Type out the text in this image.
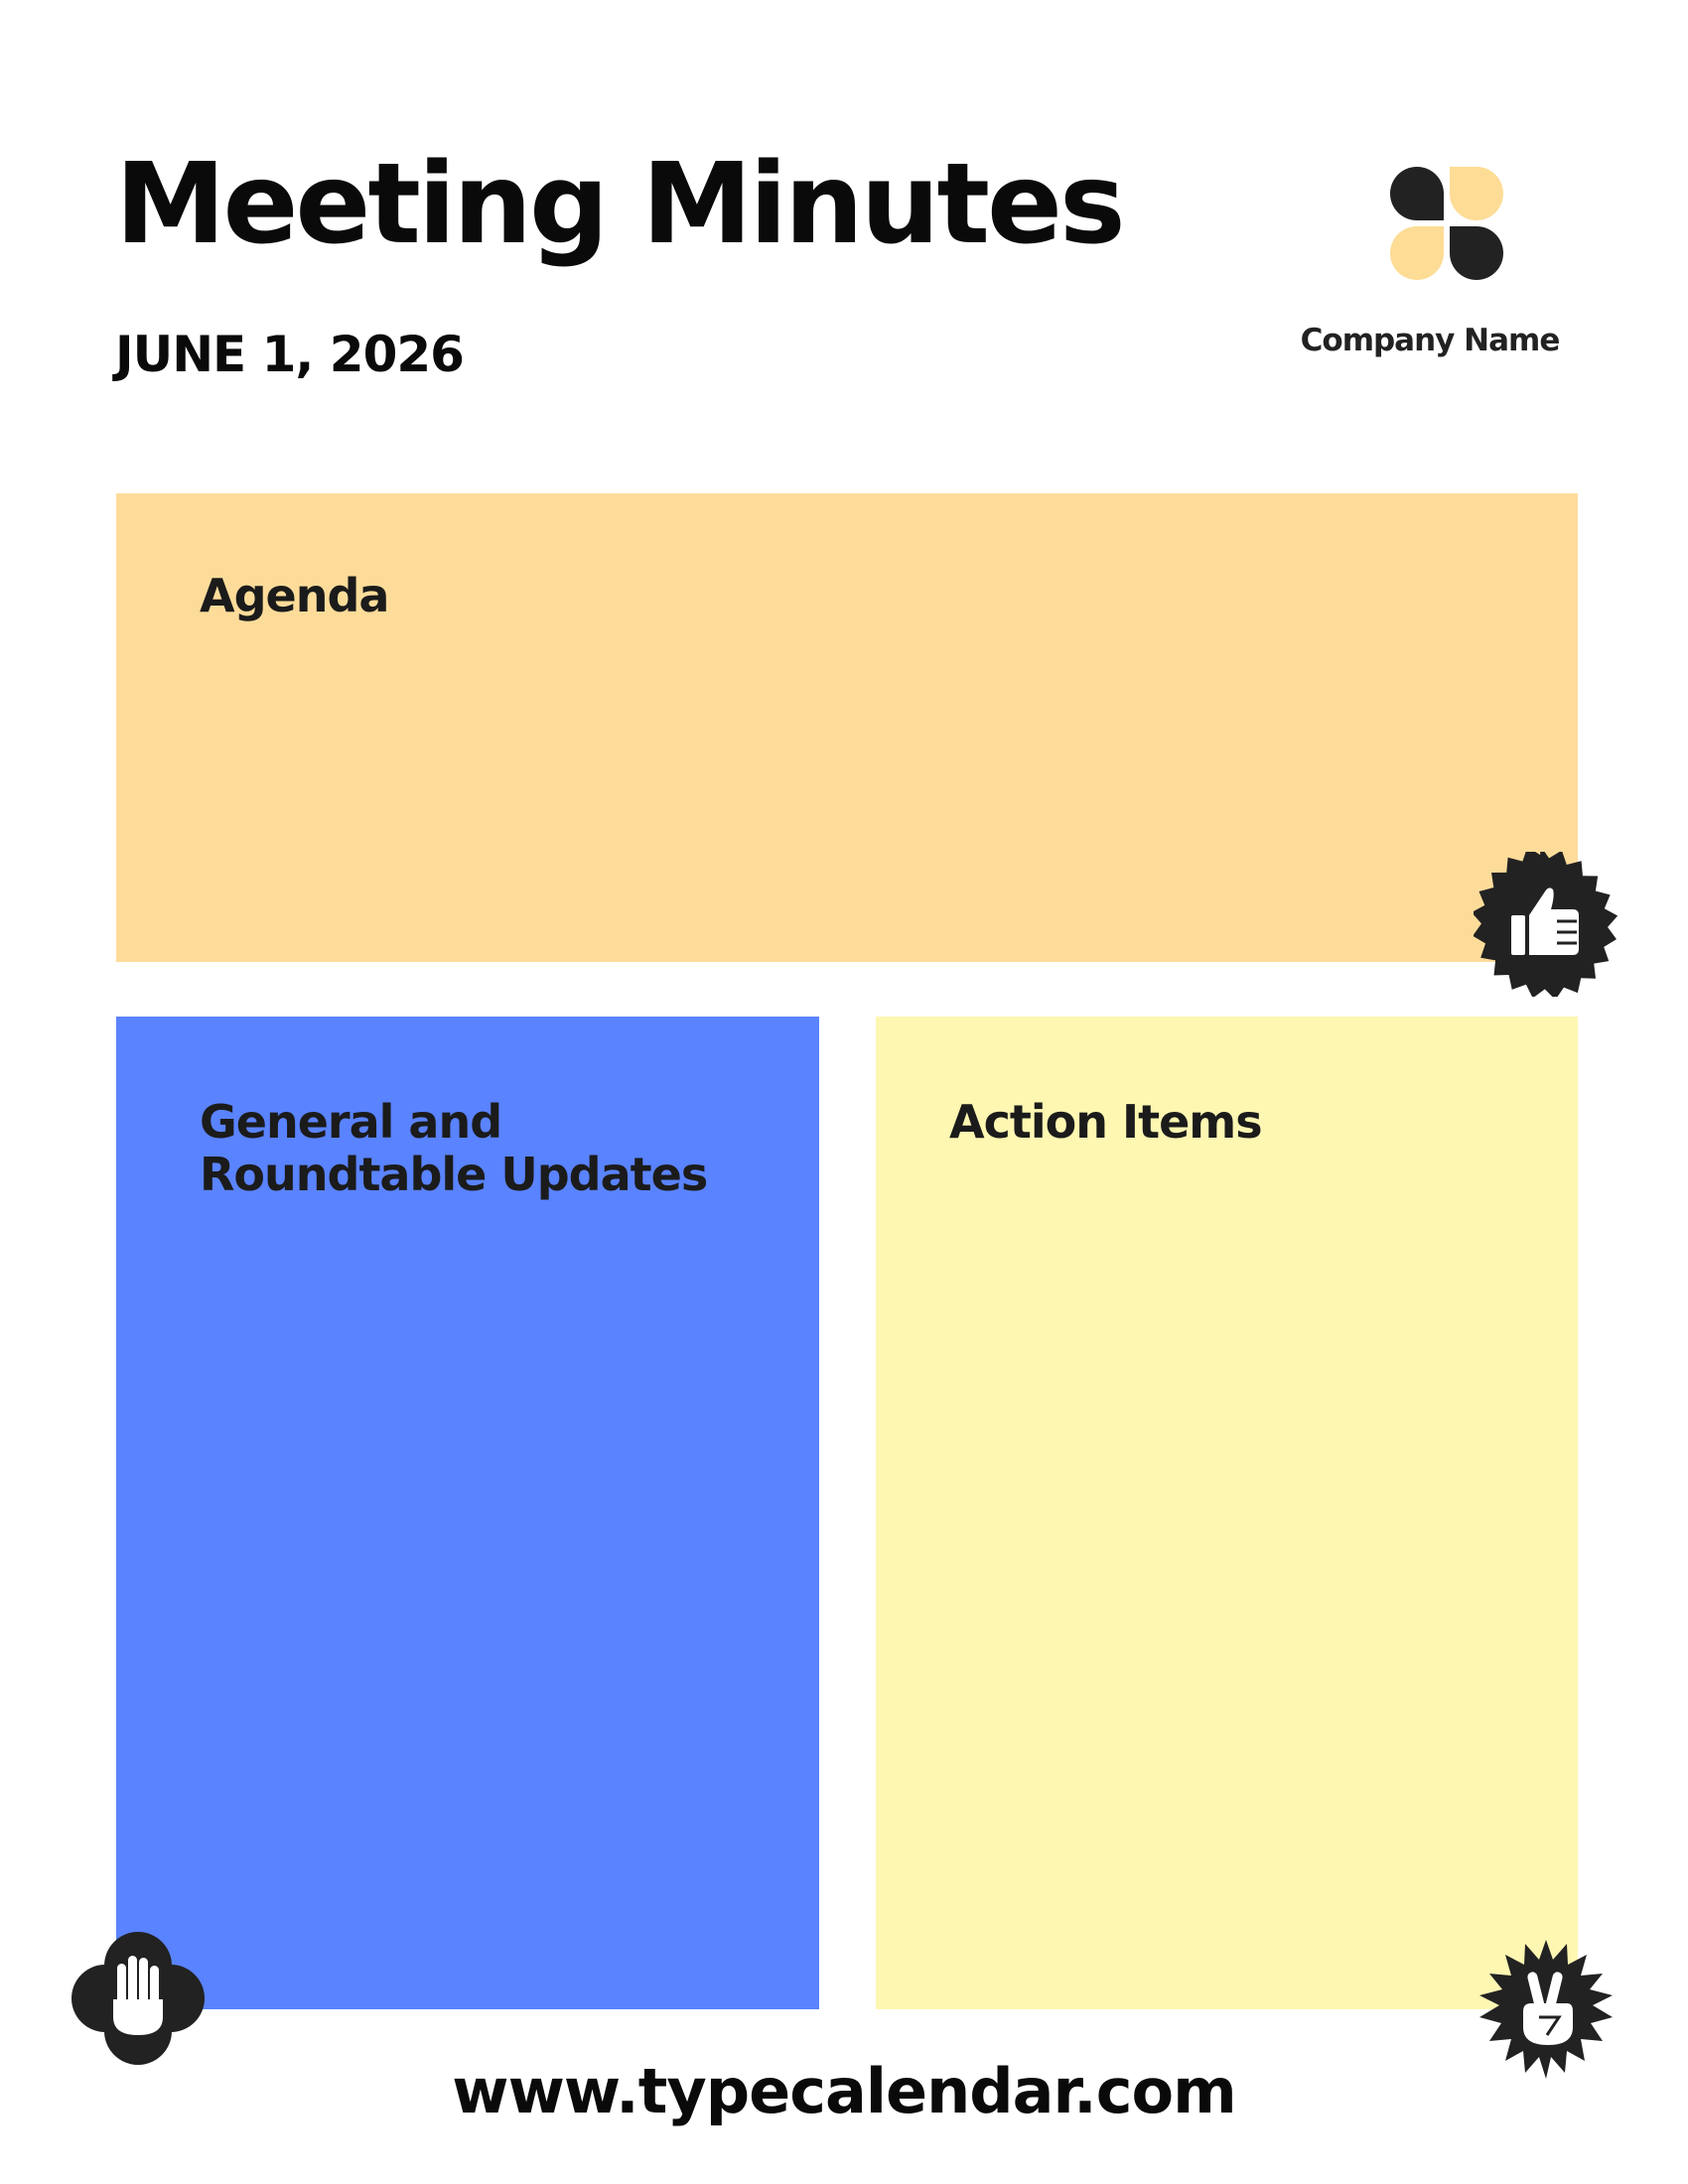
Meeting Minutes
JUNE 1, 2026	Company Name
Agenda
General and Roundtable Updates
Action Items
www.typecalendar.com
